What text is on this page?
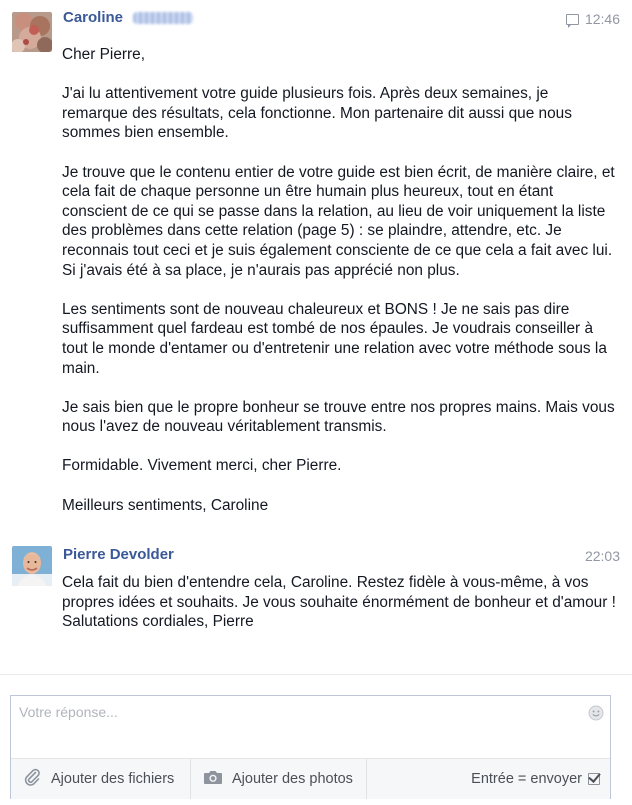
Caroline	12:46

Cher Pierre,

J'ai lu attentivement votre guide plusieurs fois. Après deux semaines, je remarque des résultats, cela fonctionne. Mon partenaire dit aussi que nous sommes bien ensemble.

Je trouve que le contenu entier de votre guide est bien écrit, de manière claire, et cela fait de chaque personne un être humain plus heureux, tout en étant conscient de ce qui se passe dans la relation, au lieu de voir uniquement la liste des problèmes dans cette relation (page 5) : se plaindre, attendre, etc. Je reconnais tout ceci et je suis également consciente de ce que cela a fait avec lui. Si j'avais été à sa place, je n'aurais pas apprécié non plus.

Les sentiments sont de nouveau chaleureux et BONS ! Je ne sais pas dire suffisamment quel fardeau est tombé de nos épaules. Je voudrais conseiller à tout le monde d'entamer ou d'entretenir une relation avec votre méthode sous la main.

Je sais bien que le propre bonheur se trouve entre nos propres mains. Mais vous nous l'avez de nouveau véritablement transmis.

Formidable. Vivement merci, cher Pierre.

Meilleurs sentiments, Caroline

Pierre Devolder	22:03

Cela fait du bien d'entendre cela, Caroline. Restez fidèle à vous-même, à vos propres idées et souhaits. Je vous souhaite énormément de bonheur et d'amour ! Salutations cordiales, Pierre

Votre réponse...
Ajouter des fichiers	Ajouter des photos	Entrée = envoyer
